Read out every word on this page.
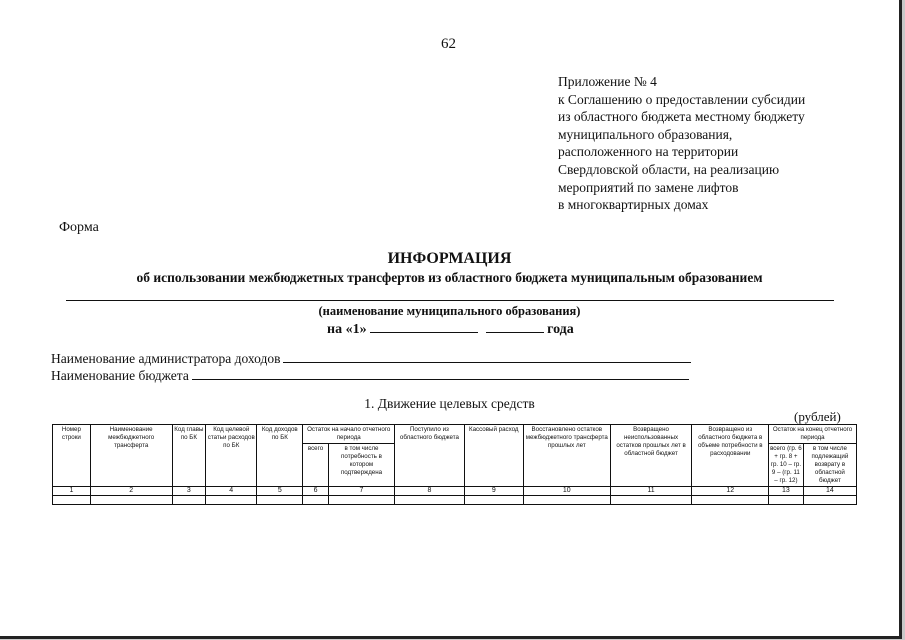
62
Приложение № 4
к Соглашению о предоставлении субсидии
из областного бюджета местному бюджету
муниципального образования,
расположенного на территории
Свердловской области, на реализацию
мероприятий по замене лифтов
в многоквартирных домах
Форма
ИНФОРМАЦИЯ
об использовании межбюджетных трансфертов из областного бюджета муниципальным образованием
(наименование муниципального образования)
на «1»	года
Наименование администратора доходов
Наименование бюджета
1. Движение целевых средств
(рублей)
Номер строки	Наименование межбюджетного трансферта	Код главы по БК	Код целевой статьи расходов по БК	Код доходов по БК	Остаток на начало отчетного периода		Поступило из областного бюджета	Кассовый расход	Восстановлено остатков межбюджетного трансферта прошлых лет	Возвращено неиспользованных остатков прошлых лет в областной бюджет	Возвращено из областного бюджета в объеме потребности в расходовании	Остаток на конец отчетного периода	
					всего	в том числе потребность в котором подтверждена						всего (гр. 6 + гр. 8 + гр. 10 – гр. 9 – (гр. 11 – гр. 12)	в том числе подлежащий возврату в областной бюджет
1	2	3	4	5	6	7	8	9	10	11	12	13	14
